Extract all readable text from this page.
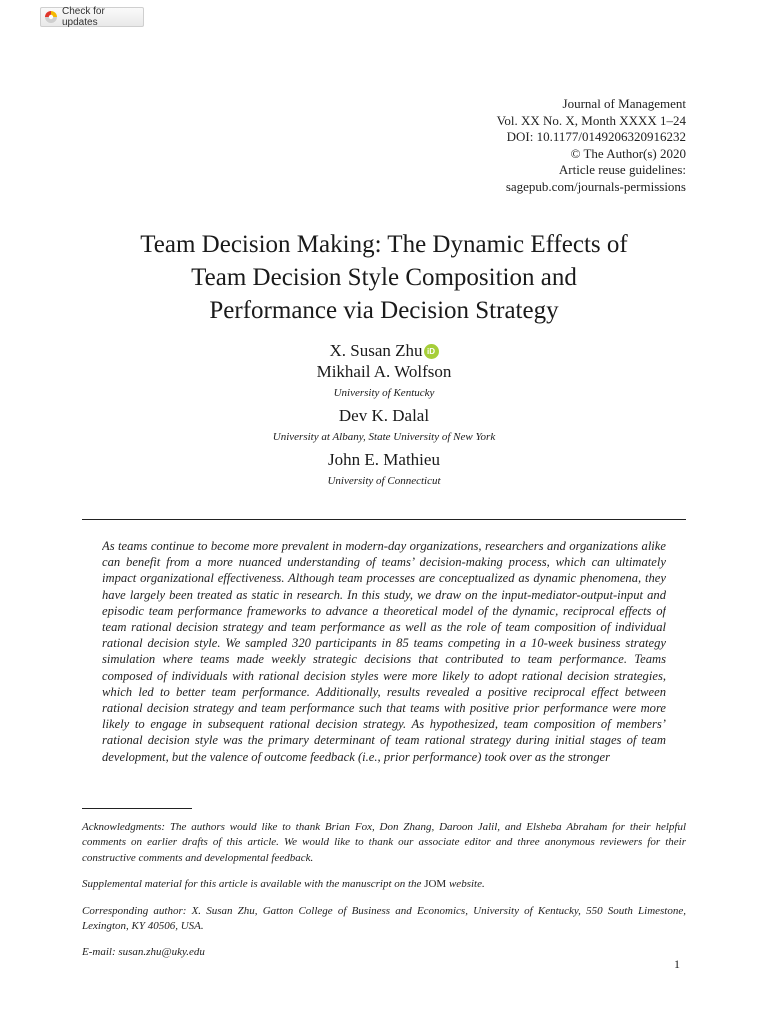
Check for updates
Journal of Management
Vol. XX No. X, Month XXXX 1–24
DOI: 10.1177/0149206320916232
© The Author(s) 2020
Article reuse guidelines:
sagepub.com/journals-permissions
Team Decision Making: The Dynamic Effects of
Team Decision Style Composition and
Performance via Decision Strategy
X. Susan Zhu iD
Mikhail A. Wolfson
University of Kentucky
Dev K. Dalal
University at Albany, State University of New York
John E. Mathieu
University of Connecticut
As teams continue to become more prevalent in modern-day organizations, researchers and organizations alike can benefit from a more nuanced understanding of teams’ decision-making process, which can ultimately impact organizational effectiveness. Although team processes are conceptualized as dynamic phenomena, they have largely been treated as static in research. In this study, we draw on the input-mediator-output-input and episodic team performance frameworks to advance a theoretical model of the dynamic, reciprocal effects of team rational decision strategy and team performance as well as the role of team composition of individual rational decision style. We sampled 320 participants in 85 teams competing in a 10-week business strategy simulation where teams made weekly strategic decisions that contributed to team performance. Teams composed of individuals with rational decision styles were more likely to adopt rational decision strategies, which led to better team performance. Additionally, results revealed a positive reciprocal effect between rational decision strategy and team performance such that teams with positive prior performance were more likely to engage in subsequent rational decision strategy. As hypothesized, team composition of members’ rational decision style was the primary determinant of team rational strategy during initial stages of team development, but the valence of outcome feedback (i.e., prior performance) took over as the stronger

Acknowledgments: The authors would like to thank Brian Fox, Don Zhang, Daroon Jalil, and Elsheba Abraham for their helpful comments on earlier drafts of this article. We would like to thank our associate editor and three anonymous reviewers for their constructive comments and developmental feedback.

Supplemental material for this article is available with the manuscript on the JOM website.

Corresponding author: X. Susan Zhu, Gatton College of Business and Economics, University of Kentucky, 550 South Limestone, Lexington, KY 40506, USA.

E-mail: susan.zhu@uky.edu

1
